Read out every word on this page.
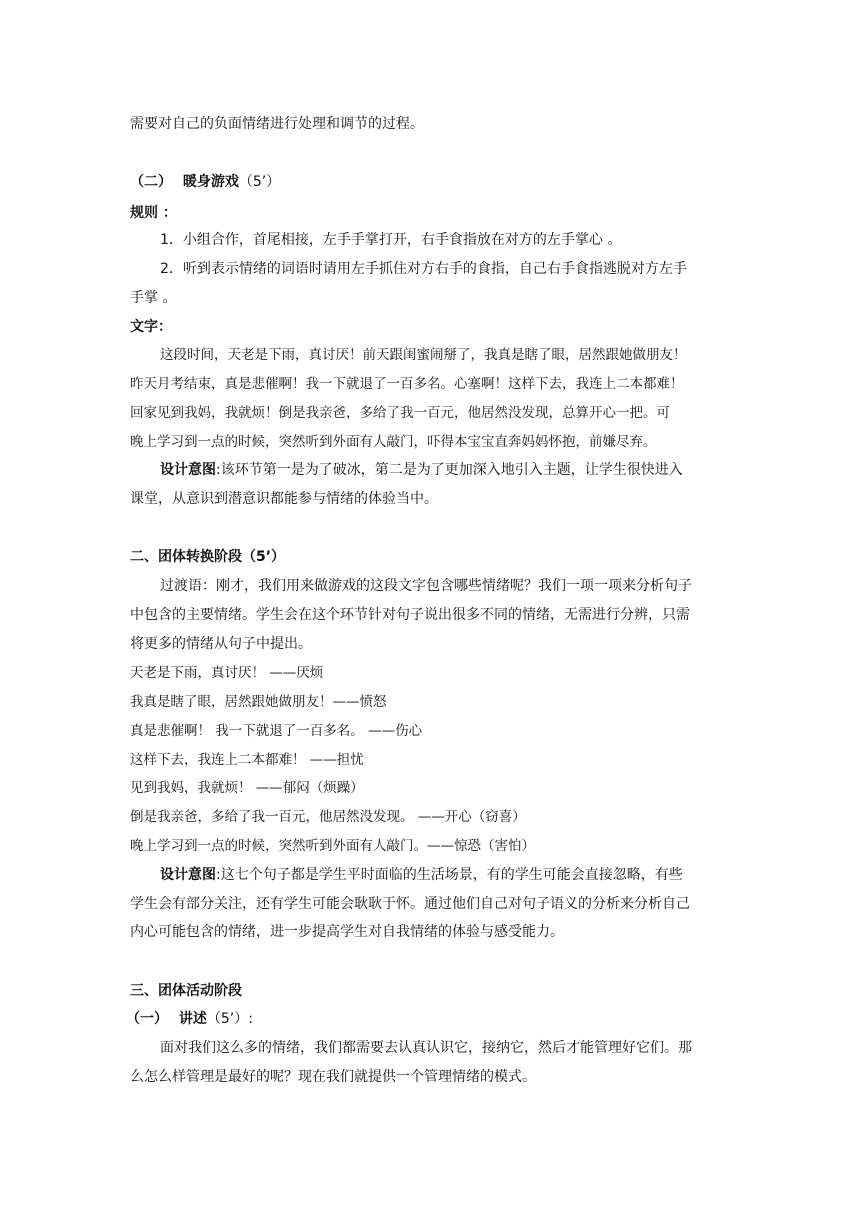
需要对自己的负面情绪进行处理和调节的过程。
（二） 暖身游戏（5’）
规则 ：
1．小组合作，首尾相接，左手手掌打开，右手食指放在对方的左手掌心 。
2．听到表示情绪的词语时请用左手抓住对方右手的食指，自己右手食指逃脱对方左手
手掌 。
文字：
这段时间，天老是下雨，真讨厌！前天跟闺蜜闹掰了，我真是瞎了眼，居然跟她做朋友！
昨天月考结束，真是悲催啊！我一下就退了一百多名。心塞啊！这样下去，我连上二本都难！
回家见到我妈，我就烦！倒是我亲爸，多给了我一百元，他居然没发现，总算开心一把。可
晚上学习到一点的时候，突然听到外面有人敲门，吓得本宝宝直奔妈妈怀抱，前嫌尽弃。
设计意图:该环节第一是为了破冰，第二是为了更加深入地引入主题，让学生很快进入
课堂，从意识到潜意识都能参与情绪的体验当中。
二、团体转换阶段（5’）
过渡语：刚才，我们用来做游戏的这段文字包含哪些情绪呢？我们一项一项来分析句子
中包含的主要情绪。学生会在这个环节针对句子说出很多不同的情绪，无需进行分辨，只需
将更多的情绪从句子中提出。
天老是下雨，真讨厌！ ——厌烦
我真是瞎了眼，居然跟她做朋友！——愤怒
真是悲催啊！ 我一下就退了一百多名。 ——伤心
这样下去，我连上二本都难！ ——担忧
见到我妈，我就烦！ ——郁闷（烦躁）
倒是我亲爸，多给了我一百元，他居然没发现。 ——开心（窃喜）
晚上学习到一点的时候，突然听到外面有人敲门。——惊恐（害怕）
设计意图:这七个句子都是学生平时面临的生活场景，有的学生可能会直接忽略，有些
学生会有部分关注，还有学生可能会耿耿于怀。通过他们自己对句子语义的分析来分析自己
内心可能包含的情绪，进一步提高学生对自我情绪的体验与感受能力。
三、团体活动阶段
（一） 讲述（5’）:
面对我们这么多的情绪，我们都需要去认真认识它，接纳它，然后才能管理好它们。那
么怎么样管理是最好的呢？现在我们就提供一个管理情绪的模式。
